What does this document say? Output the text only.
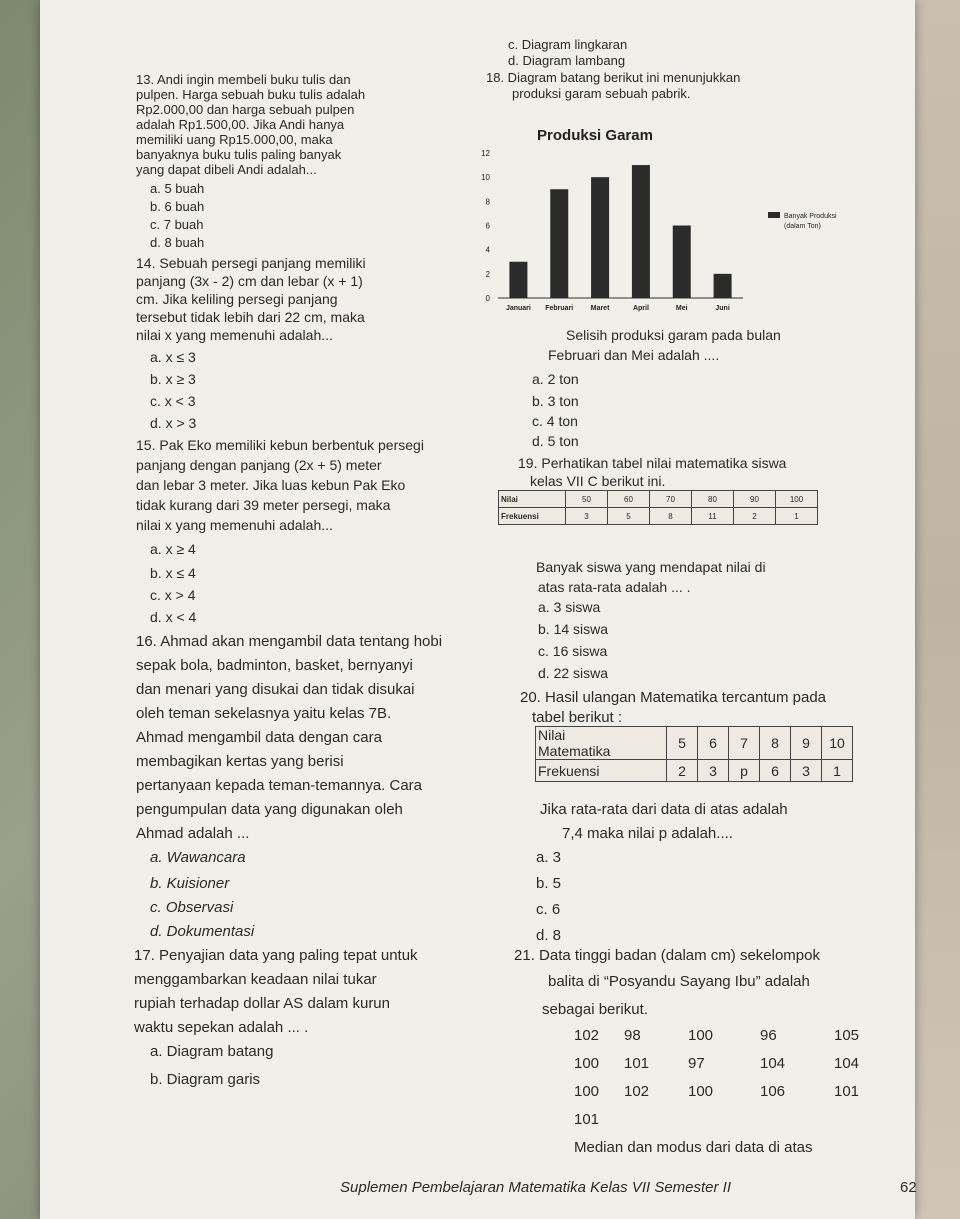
13. Andi ingin membeli buku tulis dan
pulpen. Harga sebuah buku tulis adalah
Rp2.000,00 dan harga sebuah pulpen
adalah Rp1.500,00. Jika Andi hanya
memiliki uang Rp15.000,00, maka
banyaknya buku tulis paling banyak
yang dapat dibeli Andi adalah...
a. 5 buah
b. 6 buah
c. 7 buah
d. 8 buah
14. Sebuah persegi panjang memiliki
panjang (3x - 2) cm dan lebar (x + 1)
cm. Jika keliling persegi panjang
tersebut tidak lebih dari 22 cm, maka
nilai x yang memenuhi adalah...
a. x ≤ 3
b. x ≥ 3
c. x < 3
d. x > 3
15. Pak Eko memiliki kebun berbentuk persegi
panjang dengan panjang (2x + 5) meter
dan lebar 3 meter. Jika luas kebun Pak Eko
tidak kurang dari 39 meter persegi, maka
nilai x yang memenuhi adalah...
a. x ≥ 4
b. x ≤ 4
c. x > 4
d. x < 4
16. Ahmad akan mengambil data tentang hobi
sepak bola, badminton, basket, bernyanyi
dan menari yang disukai dan tidak disukai
oleh teman sekelasnya yaitu kelas 7B.
Ahmad mengambil data dengan cara
membagikan kertas yang berisi
pertanyaan kepada teman-temannya. Cara
pengumpulan data yang digunakan oleh
Ahmad adalah ...
a. Wawancara
b. Kuisioner
c. Observasi
d. Dokumentasi
17. Penyajian data yang paling tepat untuk
menggambarkan keadaan nilai tukar
rupiah terhadap dollar AS dalam kurun
waktu sepekan adalah ... .
a. Diagram batang
b. Diagram garis
c. Diagram lingkaran
d. Diagram lambang
18. Diagram batang berikut ini menunjukkan
produksi garam sebuah pabrik.
Produksi Garam
0
2
4
6
8
10
12
Januari Februari Maret	April	Mei	Juni
Banyak Produksi
(dalam Ton)
Selisih produksi garam pada bulan
Februari dan Mei adalah ....
a. 2 ton
b. 3 ton
c. 4 ton
d. 5 ton
19. Perhatikan tabel nilai matematika siswa
kelas VII C berikut ini.
Nilai	50	60	70	80	90	100
Frekuensi	3	5	8	11	2	1
Banyak siswa yang mendapat nilai di
atas rata-rata adalah ... .
a. 3 siswa
b. 14 siswa
c. 16 siswa
d. 22 siswa
20. Hasil ulangan Matematika tercantum pada
tabel berikut :
Nilai
Matematika	5	6	7	8	9	10

Frekuensi	2	3	p	6	3	1
Jika rata-rata dari data di atas adalah
7,4 maka nilai p adalah....
a. 3
b. 5
c. 6
d. 8
21. Data tinggi badan (dalam cm) sekelompok
balita di “Posyandu Sayang Ibu” adalah
sebagai berikut.
102 98	100	96	105
100 101	97	104	104
100 102	100	106	101
101
Median dan modus dari data di atas
Suplemen Pembelajaran Matematika Kelas VII Semester II	62
